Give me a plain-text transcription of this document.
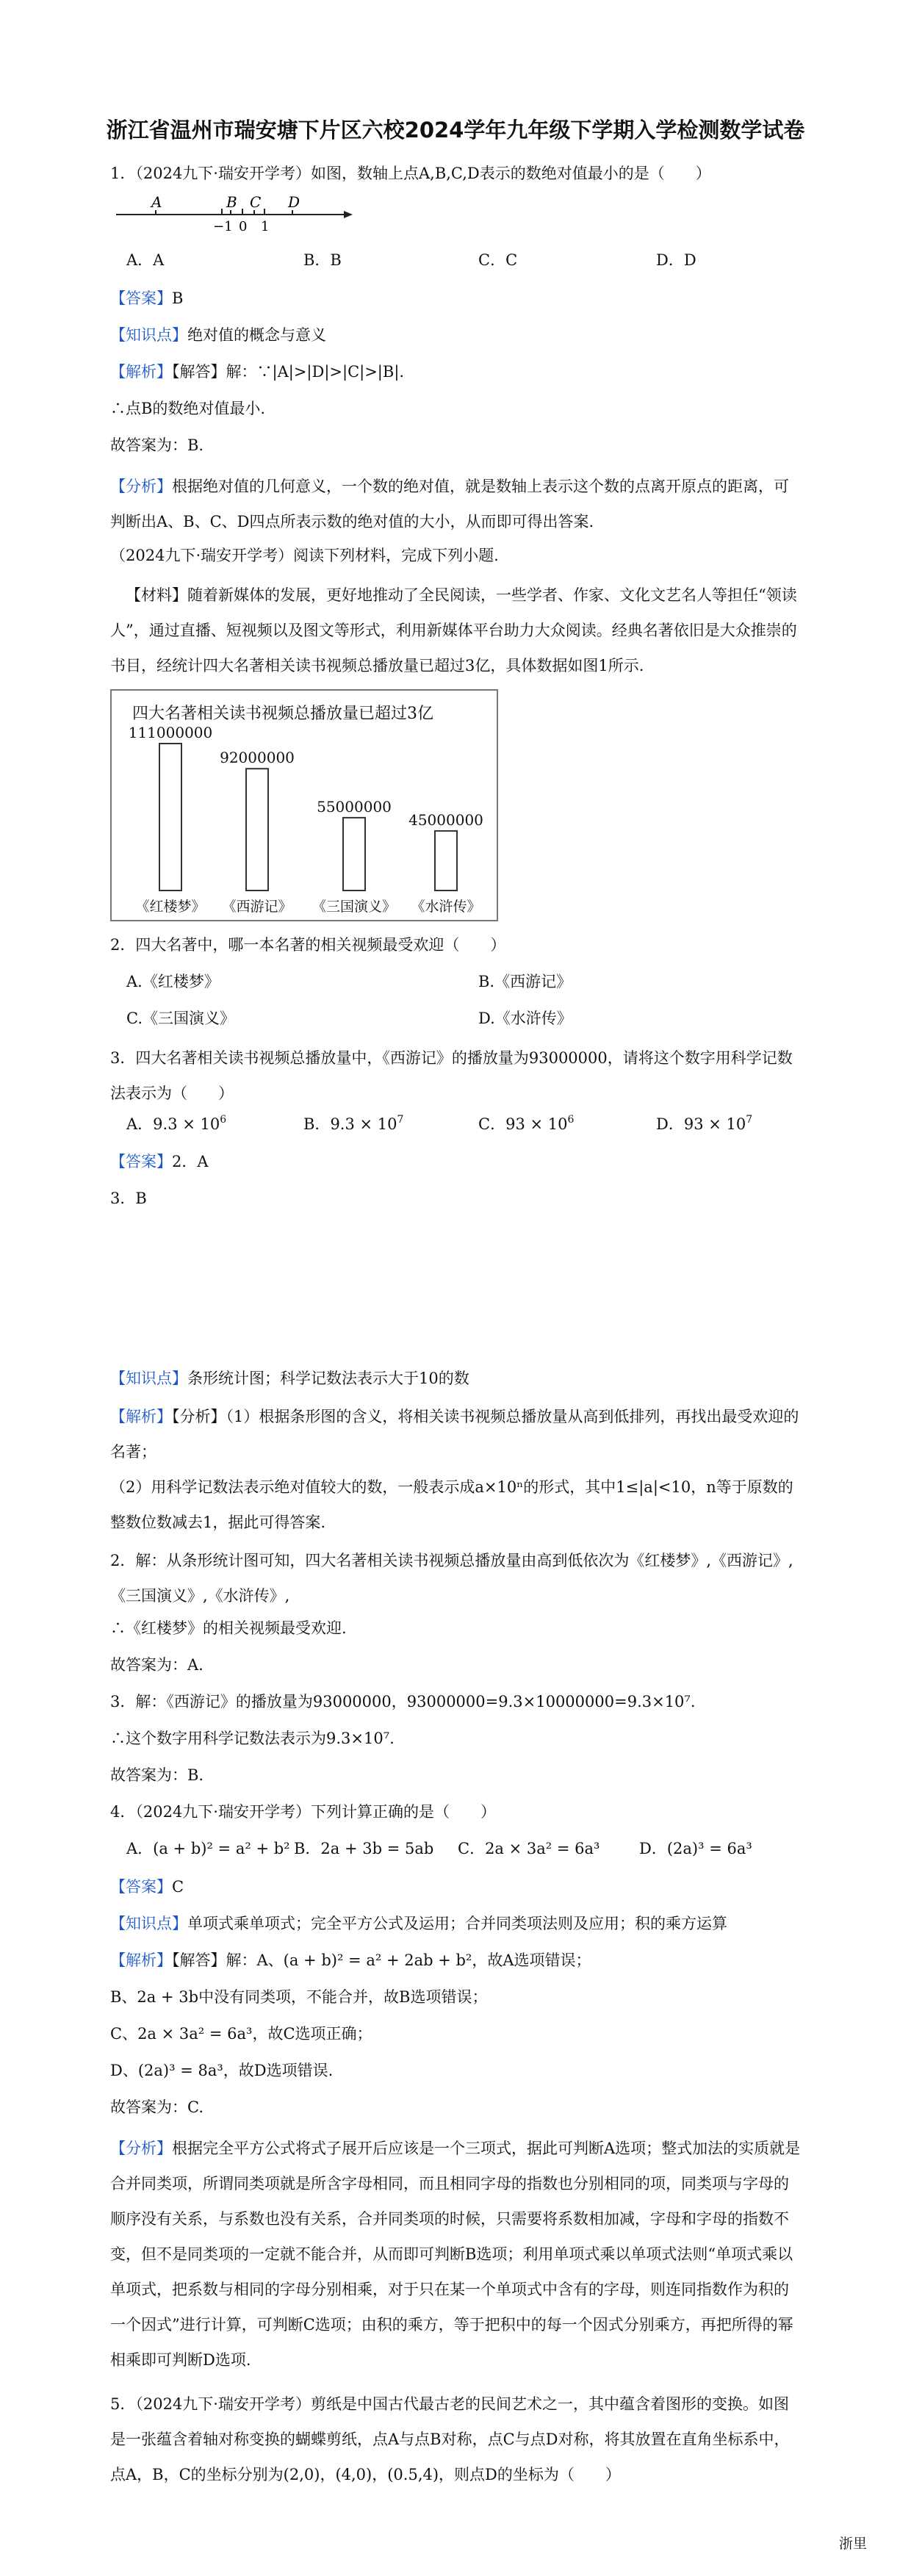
浙江省温州市瑞安塘下片区六校2024学年九年级下学期入学检测数学试卷
1．（2024九下·瑞安开学考）如图，数轴上点A,B,C,D表示的数绝对值最小的是（　　）
A	B C D
−1 0 1
A．A	B．B	C．C	D．D
【答案】B
【知识点】绝对值的概念与意义
【解析】【解答】解：∵|A|>|D|>|C|>|B|.
∴点B的数绝对值最小.
故答案为：B.
【分析】根据绝对值的几何意义，一个数的绝对值，就是数轴上表示这个数的点离开原点的距离，可判断出A、B、C、D四点所表示数的绝对值的大小，从而即可得出答案.
（2024九下·瑞安开学考）阅读下列材料，完成下列小题.
【材料】随着新媒体的发展，更好地推动了全民阅读，一些学者、作家、文化文艺名人等担任“领读人”，通过直播、短视频以及图文等形式，利用新媒体平台助力大众阅读。经典名著依旧是大众推崇的书目，经统计四大名著相关读书视频总播放量已超过3亿，具体数据如图1所示.
四大名著相关读书视频总播放量已超过3亿
111000000
《红楼梦》
92000000
《西游记》
55000000
《三国演义》
45000000
《水浒传》
2．四大名著中，哪一本名著的相关视频最受欢迎（　　）
A.《红楼梦》	B.《西游记》
C.《三国演义》	D.《水浒传》
3．四大名著相关读书视频总播放量中，《西游记》的播放量为93000000，请将这个数字用科学记数法表示为（　　）
A．$9.3 \times 10^6$	B．$9.3 \times 10^7$	C．$93 \times 10^6$	D．$93 \times 10^7$
【答案】2．A
3．B
【知识点】条形统计图；科学记数法表示大于10的数
【解析】【分析】（1）根据条形图的含义，将相关读书视频总播放量从高到低排列，再找出最受欢迎的名著；
（2）用科学记数法表示绝对值较大的数，一般表示成a×10ⁿ的形式，其中1≤|a|<10，n等于原数的整数位数减去1，据此可得答案.
2．解：从条形统计图可知，四大名著相关读书视频总播放量由高到低依次为《红楼梦》,《西游记》,《三国演义》,《水浒传》,
∴《红楼梦》的相关视频最受欢迎.
故答案为：A.
3．解：《西游记》的播放量为93000000，93000000=9.3×10000000=9.3×10⁷.
∴这个数字用科学记数法表示为9.3×10⁷.
故答案为：B.
4．（2024九下·瑞安开学考）下列计算正确的是（　　）
A．(a + b)² = a² + b² B．2a + 3b = 5ab C．2a × 3a² = 6a³	D．(2a)³ = 6a³
【答案】C
【知识点】单项式乘单项式；完全平方公式及运用；合并同类项法则及应用；积的乘方运算
【解析】【解答】解：A、(a + b)² = a² + 2ab + b²，故A选项错误；
B、2a + 3b中没有同类项，不能合并，故B选项错误；
C、2a × 3a² = 6a³，故C选项正确；
D、(2a)³ = 8a³，故D选项错误.
故答案为：C.
【分析】根据完全平方公式将式子展开后应该是一个三项式，据此可判断A选项；整式加法的实质就是合并同类项，所谓同类项就是所含字母相同，而且相同字母的指数也分别相同的项，同类项与字母的顺序没有关系，与系数也没有关系，合并同类项的时候，只需要将系数相加减，字母和字母的指数不变，但不是同类项的一定就不能合并，从而即可判断B选项；利用单项式乘以单项式法则“单项式乘以单项式，把系数与相同的字母分别相乘，对于只在某一个单项式中含有的字母，则连同指数作为积的一个因式”进行计算，可判断C选项；由积的乘方，等于把积中的每一个因式分别乘方，再把所得的幂相乘即可判断D选项.
5．（2024九下·瑞安开学考）剪纸是中国古代最古老的民间艺术之一，其中蕴含着图形的变换。如图是一张蕴含着轴对称变换的蝴蝶剪纸，点A与点B对称，点C与点D对称，将其放置在直角坐标系中，点A，B，C的坐标分别为(2,0)，(4,0)，(0.5,4)，则点D的坐标为（　　）
浙里
